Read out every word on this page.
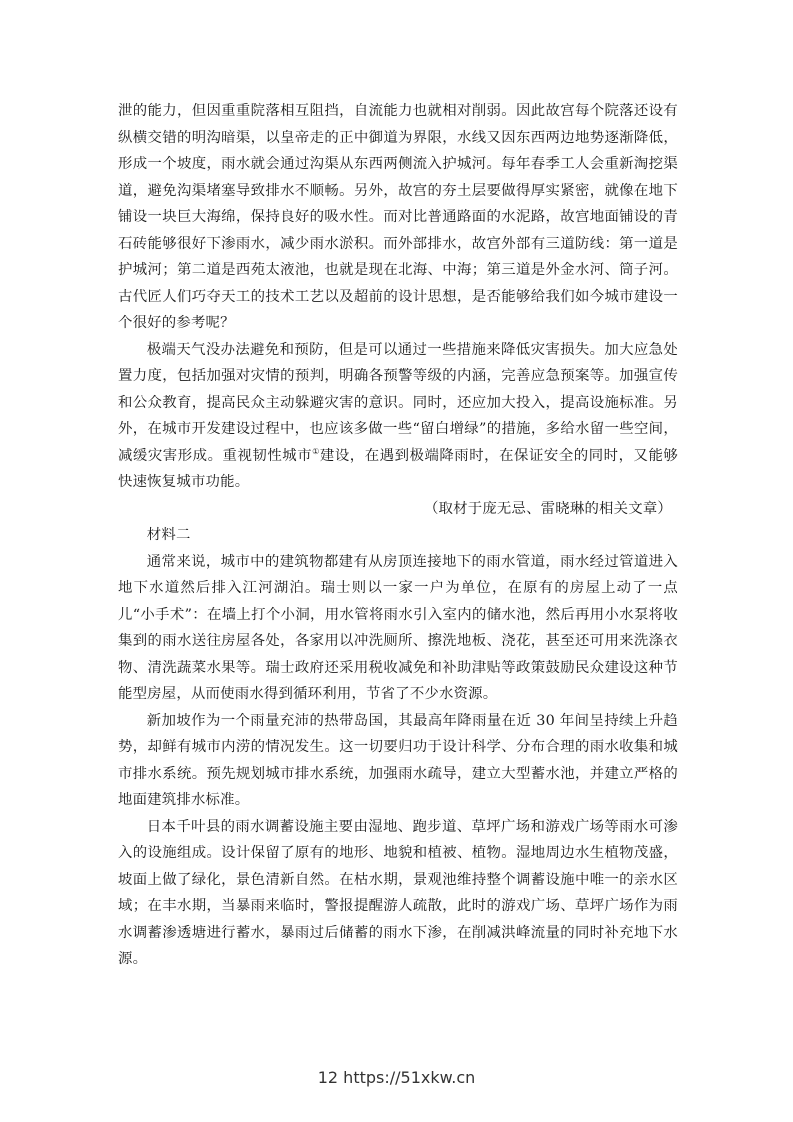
泄的能力，但因重重院落相互阻挡，自流能力也就相对削弱。因此故宫每个院落还设有纵横交错的明沟暗渠，以皇帝走的正中御道为界限，水线又因东西两边地势逐渐降低，形成一个坡度，雨水就会通过沟渠从东西两侧流入护城河。每年春季工人会重新淘挖渠道，避免沟渠堵塞导致排水不顺畅。另外，故宫的夯土层要做得厚实紧密，就像在地下铺设一块巨大海绵，保持良好的吸水性。而对比普通路面的水泥路，故宫地面铺设的青石砖能够很好下渗雨水，减少雨水淤积。而外部排水，故宫外部有三道防线：第一道是护城河；第二道是西苑太液池，也就是现在北海、中海；第三道是外金水河、筒子河。古代匠人们巧夺天工的技术工艺以及超前的设计思想，是否能够给我们如今城市建设一个很好的参考呢？

极端天气没办法避免和预防，但是可以通过一些措施来降低灾害损失。加大应急处置力度，包括加强对灾情的预判，明确各预警等级的内涵，完善应急预案等。加强宣传和公众教育，提高民众主动躲避灾害的意识。同时，还应加大投入，提高设施标准。另外，在城市开发建设过程中，也应该多做一些“留白增绿”的措施，多给水留一些空间，减缓灾害形成。重视韧性城市①建设，在遇到极端降雨时，在保证安全的同时，又能够快速恢复城市功能。

（取材于庞无忌、雷晓琳的相关文章）

材料二

通常来说，城市中的建筑物都建有从房顶连接地下的雨水管道，雨水经过管道进入地下水道然后排入江河湖泊。瑞士则以一家一户为单位，在原有的房屋上动了一点儿“小手术”：在墙上打个小洞，用水管将雨水引入室内的储水池，然后再用小水泵将收集到的雨水送往房屋各处，各家用以冲洗厕所、擦洗地板、浇花，甚至还可用来洗涤衣物、清洗蔬菜水果等。瑞士政府还采用税收减免和补助津贴等政策鼓励民众建设这种节能型房屋，从而使雨水得到循环利用，节省了不少水资源。

新加坡作为一个雨量充沛的热带岛国，其最高年降雨量在近 30 年间呈持续上升趋势，却鲜有城市内涝的情况发生。这一切要归功于设计科学、分布合理的雨水收集和城市排水系统。预先规划城市排水系统，加强雨水疏导，建立大型蓄水池，并建立严格的地面建筑排水标准。

日本千叶县的雨水调蓄设施主要由湿地、跑步道、草坪广场和游戏广场等雨水可渗入的设施组成。设计保留了原有的地形、地貌和植被、植物。湿地周边水生植物茂盛，坡面上做了绿化，景色清新自然。在枯水期，景观池维持整个调蓄设施中唯一的亲水区域；在丰水期，当暴雨来临时，警报提醒游人疏散，此时的游戏广场、草坪广场作为雨水调蓄渗透塘进行蓄水，暴雨过后储蓄的雨水下渗，在削减洪峰流量的同时补充地下水源。

12 https://51xkw.cn
